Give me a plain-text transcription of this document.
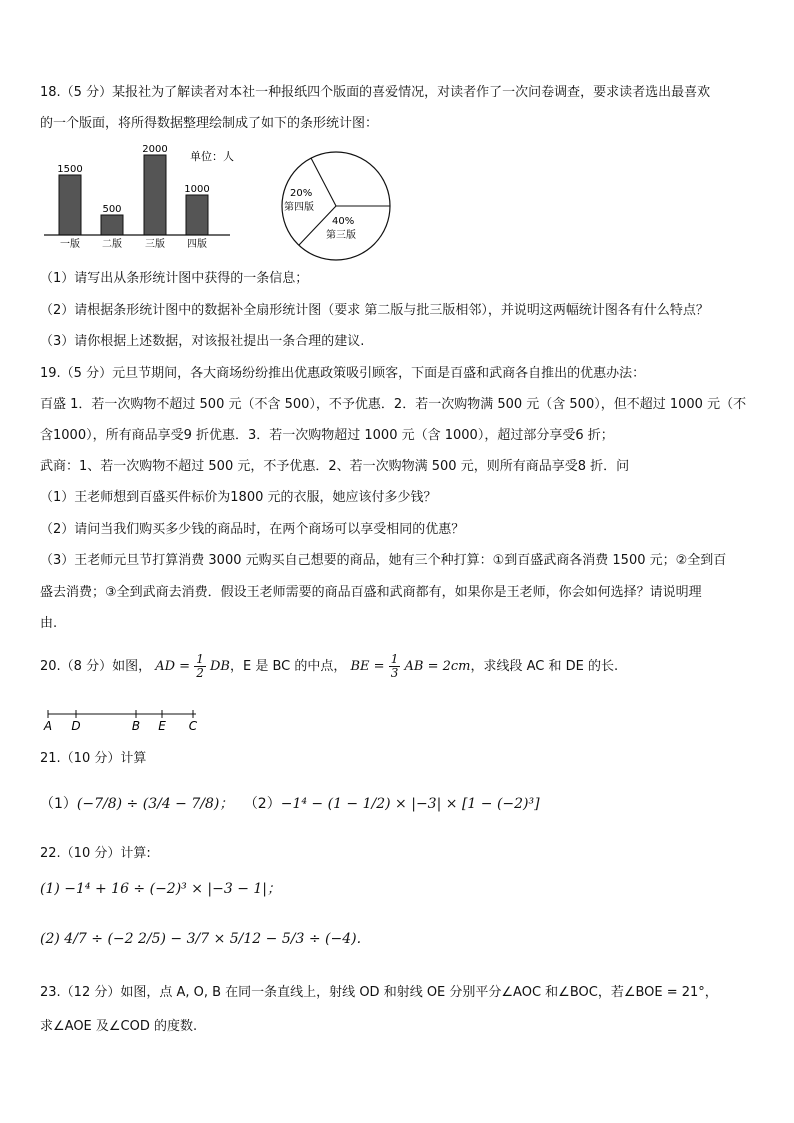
18.（5 分）某报社为了解读者对本社一种报纸四个版面的喜爱情况，对读者作了一次问卷调查，要求读者选出最喜欢
的一个版面，将所得数据整理绘制成了如下的条形统计图：
1500
一版
500
二版
2000
三版
1000
四版
单位：人
20%
第四版
40%
第三版
（1）请写出从条形统计图中获得的一条信息；
（2）请根据条形统计图中的数据补全扇形统计图（要求 第二版与批三版相邻），并说明这两幅统计图各有什么特点？
（3）请你根据上述数据，对该报社提出一条合理的建议.
19.（5 分）元旦节期间，各大商场纷纷推出优惠政策吸引顾客，下面是百盛和武商各自推出的优惠办法：
百盛 1．若一次购物不超过 500 元（不含 500），不予优惠．2．若一次购物满 500 元（含 500），但不超过 1000 元（不
含1000），所有商品享受9 折优惠．3．若一次购物超过 1000 元（含 1000），超过部分享受6 折；
武商：1、若一次购物不超过 500 元，不予优惠．2、若一次购物满 500 元，则所有商品享受8 折．问
（1）王老师想到百盛买件标价为1800 元的衣服，她应该付多少钱？
（2）请问当我们购买多少钱的商品时，在两个商场可以享受相同的优惠？
（3）王老师元旦节打算消费 3000 元购买自己想要的商品，她有三个种打算：①到百盛武商各消费 1500 元；②全到百
盛去消费；③全到武商去消费．假设王老师需要的商品百盛和武商都有，如果你是王老师，你会如何选择？请说明理
由.
20.（8 分）如图， AD = $\frac{1}{2}$ DB，E 是 BC 的中点， BE = $\frac{1}{3}$ AB = 2cm，求线段 AC 和 DE 的长.
A D	B E C
21.（10 分）计算
（1）(−7/8) ÷ (3/4 − 7/8)； （2）−1⁴ − (1 − 1/2) × |−3| × [1 − (−2)³]
22.（10 分）计算:
(1) −1⁴ + 16 ÷ (−2)³ × |−3 − 1|；
(2) 4/7 ÷ (−2 2/5) − 3/7 × 5/12 − 5/3 ÷ (−4).
23.（12 分）如图，点 A, O, B 在同一条直线上，射线 OD 和射线 OE 分别平分∠AOC 和∠BOC，若∠BOE = 21°，
求∠AOE 及∠COD 的度数.
